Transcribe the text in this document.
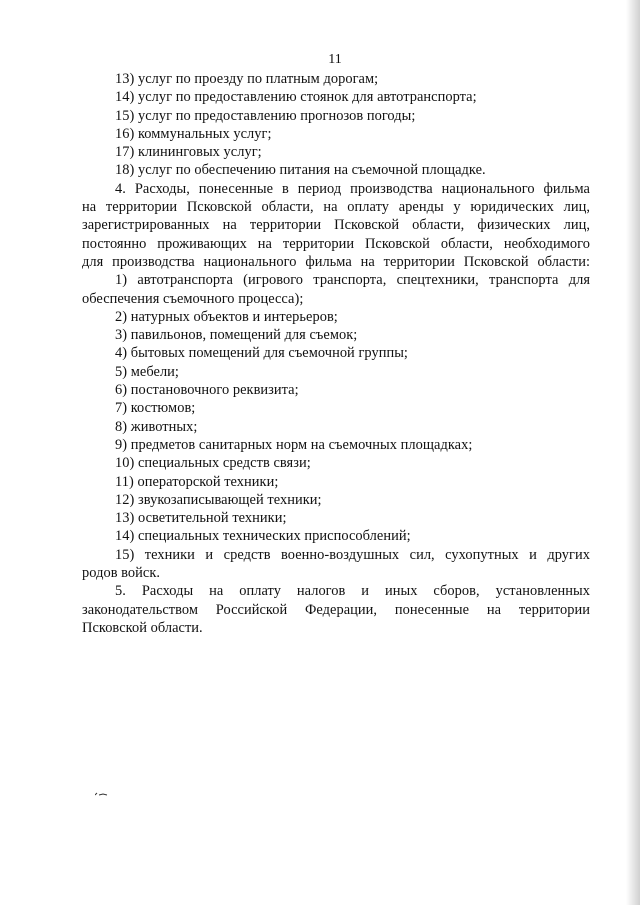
11
13) услуг по проезду по платным дорогам;
14) услуг по предоставлению стоянок для автотранспорта;
15) услуг по предоставлению прогнозов погоды;
16) коммунальных услуг;
17) клининговых услуг;
18) услуг по обеспечению питания на съемочной площадке.
4. Расходы, понесенные в период производства национального фильма
на территории Псковской области, на оплату аренды у юридических лиц,
зарегистрированных на территории Псковской области, физических лиц,
постоянно проживающих на территории Псковской области, необходимого
для производства национального фильма на территории Псковской области:
1) автотранспорта (игрового транспорта, спецтехники, транспорта для
обеспечения съемочного процесса);
2) натурных объектов и интерьеров;
3) павильонов, помещений для съемок;
4) бытовых помещений для съемочной группы;
5) мебели;
6) постановочного реквизита;
7) костюмов;
8) животных;
9) предметов санитарных норм на съемочных площадках;
10) специальных средств связи;
11) операторской техники;
12) звукозаписывающей техники;
13) осветительной техники;
14) специальных технических приспособлений;
15) техники и средств военно-воздушных сил, сухопутных и других
родов войск.
5. Расходы на оплату налогов и иных сборов, установленных
законодательством Российской Федерации, понесенные на территории
Псковской области.
